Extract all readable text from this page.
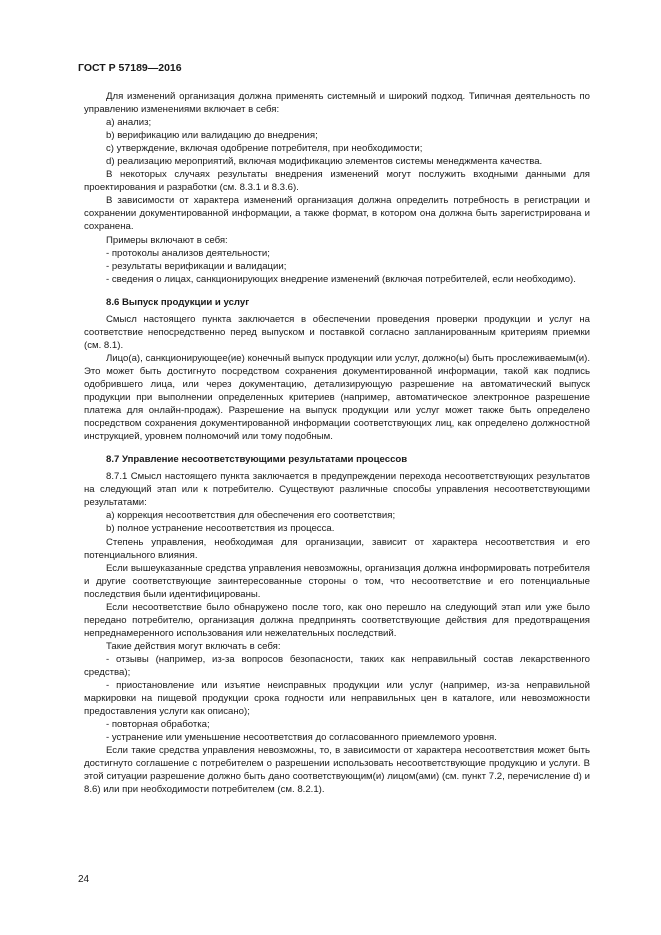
ГОСТ Р 57189—2016

Для изменений организация должна применять системный и широкий подход. Типичная деятельность по управлению изменениями включает в себя:

a) анализ;

b) верификацию или валидацию до внедрения;

c) утверждение, включая одобрение потребителя, при необходимости;

d) реализацию мероприятий, включая модификацию элементов системы менеджмента качества.

В некоторых случаях результаты внедрения изменений могут послужить входными данными для проектирования и разработки (см. 8.3.1 и 8.3.6).

В зависимости от характера изменений организация должна определить потребность в регистрации и сохранении документированной информации, а также формат, в котором она должна быть зарегистрирована и сохранена.

Примеры включают в себя:

- протоколы анализов деятельности;

- результаты верификации и валидации;

- сведения о лицах, санкционирующих внедрение изменений (включая потребителей, если необходимо).

8.6 Выпуск продукции и услуг

Смысл настоящего пункта заключается в обеспечении проведения проверки продукции и услуг на соответствие непосредственно перед выпуском и поставкой согласно запланированным критериям приемки (см. 8.1).

Лицо(а), санкционирующее(ие) конечный выпуск продукции или услуг, должно(ы) быть прослеживаемым(и). Это может быть достигнуто посредством сохранения документированной информации, такой как подпись одобрившего лица, или через документацию, детализирующую разрешение на автоматический выпуск продукции при выполнении определенных критериев (например, автоматическое электронное разрешение платежа для онлайн-продаж). Разрешение на выпуск продукции или услуг может также быть определено посредством сохранения документированной информации соответствующих лиц, как определено должностной инструкцией, уровнем полномочий или тому подобным.

8.7 Управление несоответствующими результатами процессов

8.7.1 Смысл настоящего пункта заключается в предупреждении перехода несоответствующих результатов на следующий этап или к потребителю. Существуют различные способы управления несоответствующими результатами:

a) коррекция несоответствия для обеспечения его соответствия;

b) полное устранение несоответствия из процесса.

Степень управления, необходимая для организации, зависит от характера несоответствия и его потенциального влияния.

Если вышеуказанные средства управления невозможны, организация должна информировать потребителя и другие соответствующие заинтересованные стороны о том, что несоответствие и его потенциальные последствия были идентифицированы.

Если несоответствие было обнаружено после того, как оно перешло на следующий этап или уже было передано потребителю, организация должна предпринять соответствующие действия для предотвращения непреднамеренного использования или нежелательных последствий.

Такие действия могут включать в себя:

- отзывы (например, из-за вопросов безопасности, таких как неправильный состав лекарственного средства);

- приостановление или изъятие неисправных продукции или услуг (например, из-за неправильной маркировки на пищевой продукции срока годности или неправильных цен в каталоге, или невозможности предоставления услуги как описано);

- повторная обработка;

- устранение или уменьшение несоответствия до согласованного приемлемого уровня.

Если такие средства управления невозможны, то, в зависимости от характера несоответствия может быть достигнуто соглашение с потребителем о разрешении использовать несоответствующие продукцию и услуги. В этой ситуации разрешение должно быть дано соответствующим(и) лицом(ами) (см. пункт 7.2, перечисление d) и 8.6) или при необходимости потребителем (см. 8.2.1).

24
